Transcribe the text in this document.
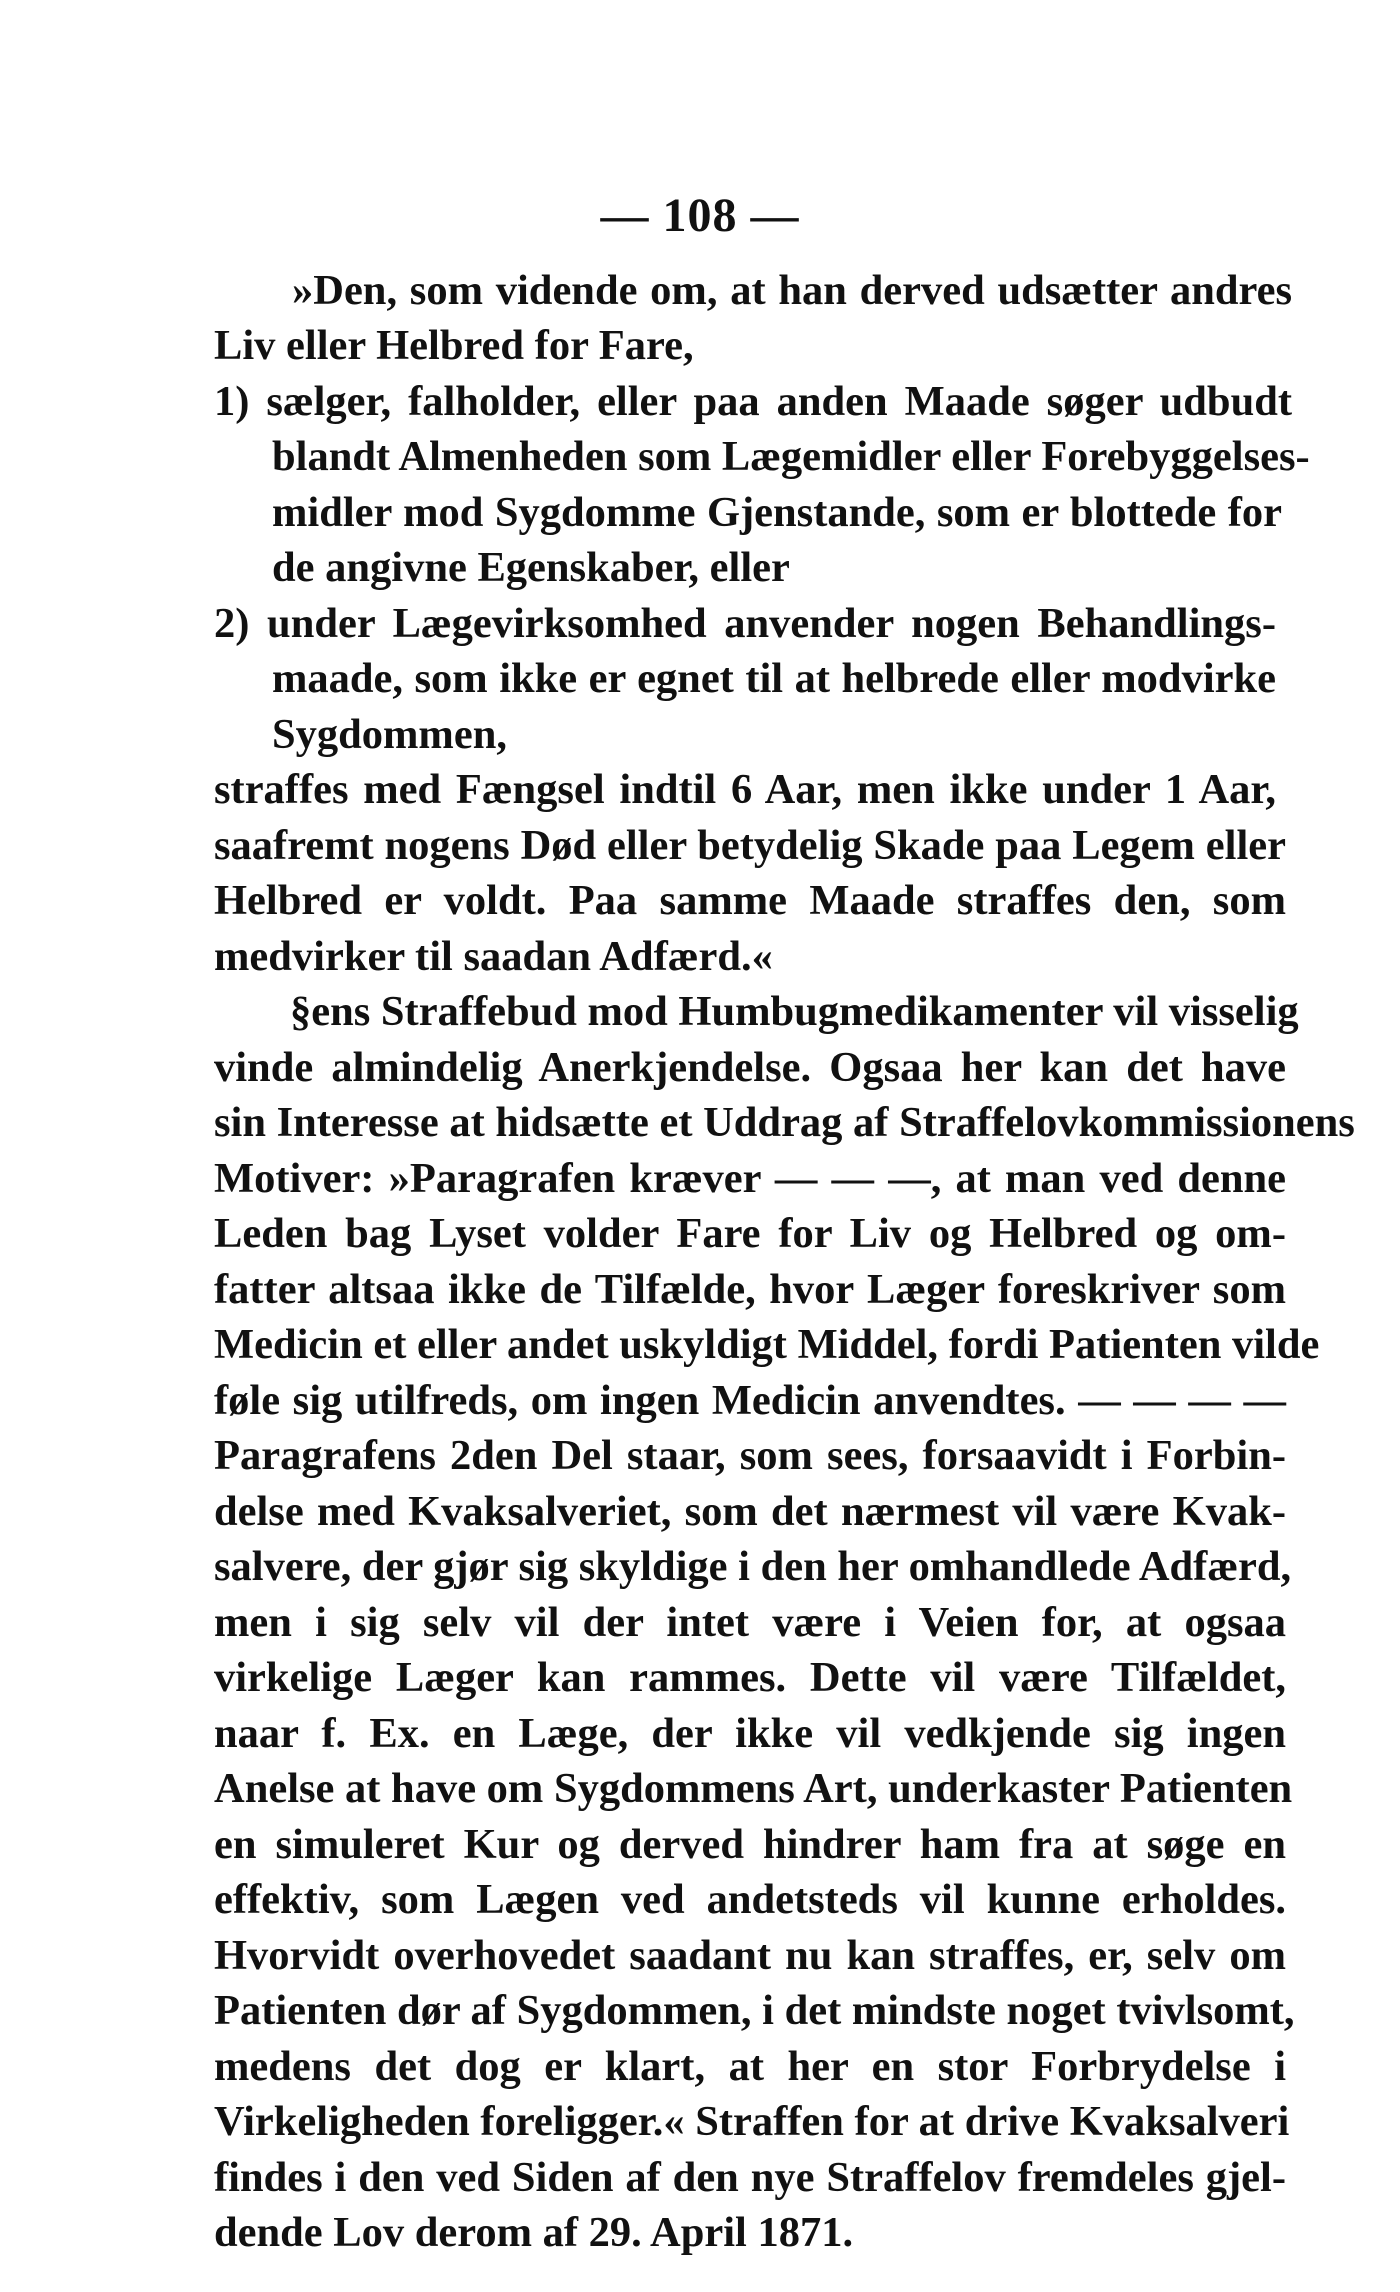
— 108 —
»Den, som vidende om, at han derved udsætter andres
Liv eller Helbred for Fare,
1) sælger, falholder, eller paa anden Maade søger udbudt
blandt Almenheden som Lægemidler eller Forebyggelses-
midler mod Sygdomme Gjenstande, som er blottede for
de angivne Egenskaber, eller
2) under Lægevirksomhed anvender nogen Behandlings-
maade, som ikke er egnet til at helbrede eller modvirke
Sygdommen,
straffes med Fængsel indtil 6 Aar, men ikke under 1 Aar,
saafremt nogens Død eller betydelig Skade paa Legem eller
Helbred er voldt. Paa samme Maade straffes den, som
medvirker til saadan Adfærd.«
§ens Straffebud mod Humbugmedikamenter vil visselig
vinde almindelig Anerkjendelse. Ogsaa her kan det have
sin Interesse at hidsætte et Uddrag af Straffelovkommissionens
Motiver: »Paragrafen kræver — — —, at man ved denne
Leden bag Lyset volder Fare for Liv og Helbred og om-
fatter altsaa ikke de Tilfælde, hvor Læger foreskriver som
Medicin et eller andet uskyldigt Middel, fordi Patienten vilde
føle sig utilfreds, om ingen Medicin anvendtes. — — — —
Paragrafens 2den Del staar, som sees, forsaavidt i Forbin-
delse med Kvaksalveriet, som det nærmest vil være Kvak-
salvere, der gjør sig skyldige i den her omhandlede Adfærd,
men i sig selv vil der intet være i Veien for, at ogsaa
virkelige Læger kan rammes. Dette vil være Tilfældet,
naar f. Ex. en Læge, der ikke vil vedkjende sig ingen
Anelse at have om Sygdommens Art, underkaster Patienten
en simuleret Kur og derved hindrer ham fra at søge en
effektiv, som Lægen ved andetsteds vil kunne erholdes.
Hvorvidt overhovedet saadant nu kan straffes, er, selv om
Patienten dør af Sygdommen, i det mindste noget tvivlsomt,
medens det dog er klart, at her en stor Forbrydelse i
Virkeligheden foreligger.« Straffen for at drive Kvaksalveri
findes i den ved Siden af den nye Straffelov fremdeles gjel-
dende Lov derom af 29. April 1871.
